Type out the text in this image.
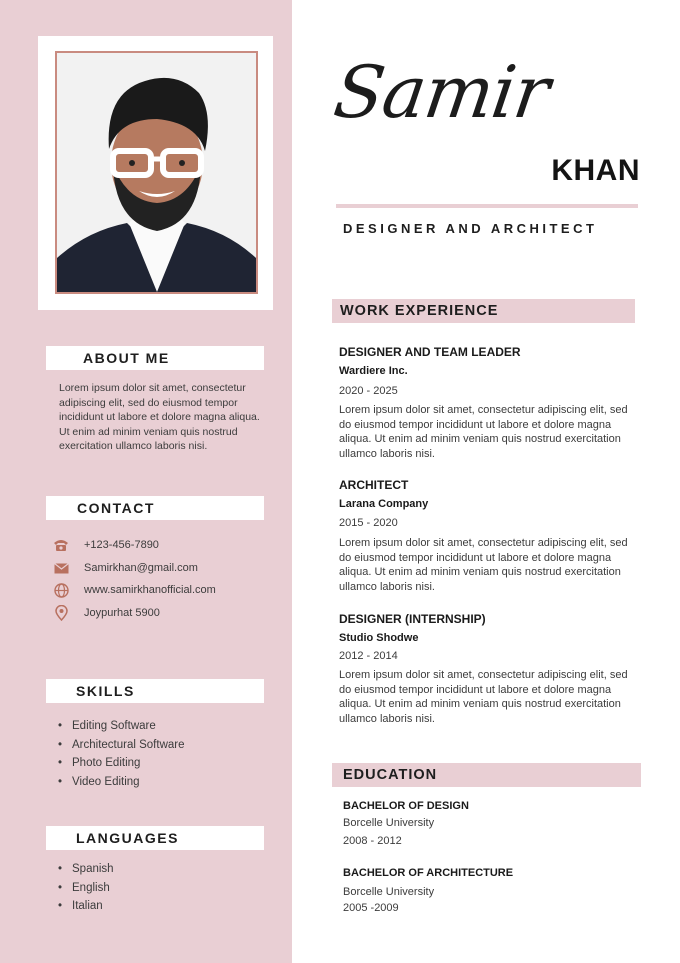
ABOUT ME
Lorem ipsum dolor sit amet, consectetur adipiscing elit, sed do eiusmod tempor incididunt ut labore et dolore magna aliqua. Ut enim ad minim veniam quis nostrud exercitation ullamco laboris nisi.
CONTACT
+123-456-7890
Samirkhan@gmail.com
www.samirkhanofficial.com
Joypurhat 5900
SKILLS
• Editing Software
• Architectural Software
• Photo Editing
• Video Editing
LANGUAGES
• Spanish
• English
• Italian
Samir
KHAN
DESIGNER AND ARCHITECT
WORK EXPERIENCE
DESIGNER AND TEAM LEADER
Wardiere Inc.
2020 - 2025
Lorem ipsum dolor sit amet, consectetur adipiscing elit, sed do eiusmod tempor incididunt ut labore et dolore magna aliqua. Ut enim ad minim veniam quis nostrud exercitation ullamco laboris nisi.
ARCHITECT
Larana Company
2015 - 2020
Lorem ipsum dolor sit amet, consectetur adipiscing elit, sed do eiusmod tempor incididunt ut labore et dolore magna aliqua. Ut enim ad minim veniam quis nostrud exercitation ullamco laboris nisi.
DESIGNER (INTERNSHIP)
Studio Shodwe
2012 - 2014
Lorem ipsum dolor sit amet, consectetur adipiscing elit, sed do eiusmod tempor incididunt ut labore et dolore magna aliqua. Ut enim ad minim veniam quis nostrud exercitation ullamco laboris nisi.
EDUCATION
BACHELOR OF DESIGN
Borcelle University
2008 - 2012
BACHELOR OF ARCHITECTURE
Borcelle University
2005 -2009
